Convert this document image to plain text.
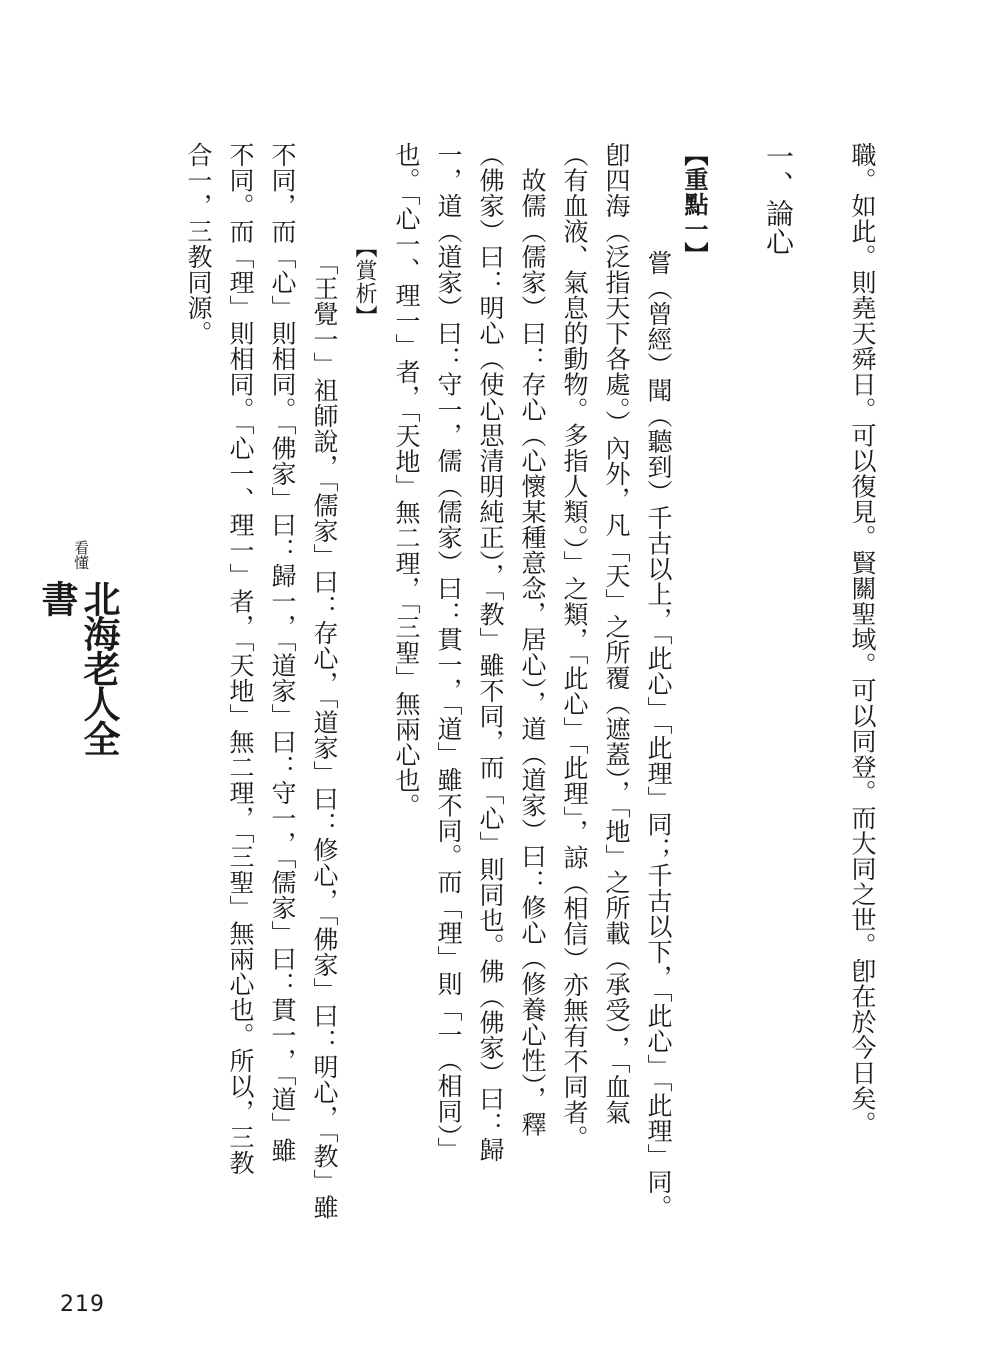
職。如此。則堯天舜日。可以復見。賢關聖域。可以同登。而大同之世。卽在於今日矣。
一、論心
【重點一】
嘗（曾經）聞（聽到）千古以上，「此心」「此理」同；千古以下，「此心」「此理」同。
卽四海（泛指天下各處。）內外，凡「天」之所覆（遮蓋），「地」之所載（承受），「血氣
（有血液、氣息的動物。多指人類。）」之類，「此心」「此理」，諒（相信）亦無有不同者。
　故儒（儒家）曰：存心（心懷某種意念，居心），道（道家）曰：修心（修養心性），釋
（佛家）曰：明心（使心思清明純正），「教」雖不同，而「心」則同也。佛（佛家）曰：歸
一，道（道家）曰：守一，儒（儒家）曰：貫一，「道」雖不同。而「理」則「一（相同）」
也。「心一、理一」者，「天地」無二理，「三聖」無兩心也。
【賞析】
「王覺一」祖師說，「儒家」曰：存心，「道家」曰：修心，「佛家」曰：明心，「教」雖
不同，而「心」則相同。「佛家」曰：歸一，「道家」曰：守一，「儒家」曰：貫一，「道」雖
不同。而「理」則相同。「心一、理一」者，「天地」無二理，「三聖」無兩心也。所以，三教
合一，三教同源。
看懂
北海老人全書
219
